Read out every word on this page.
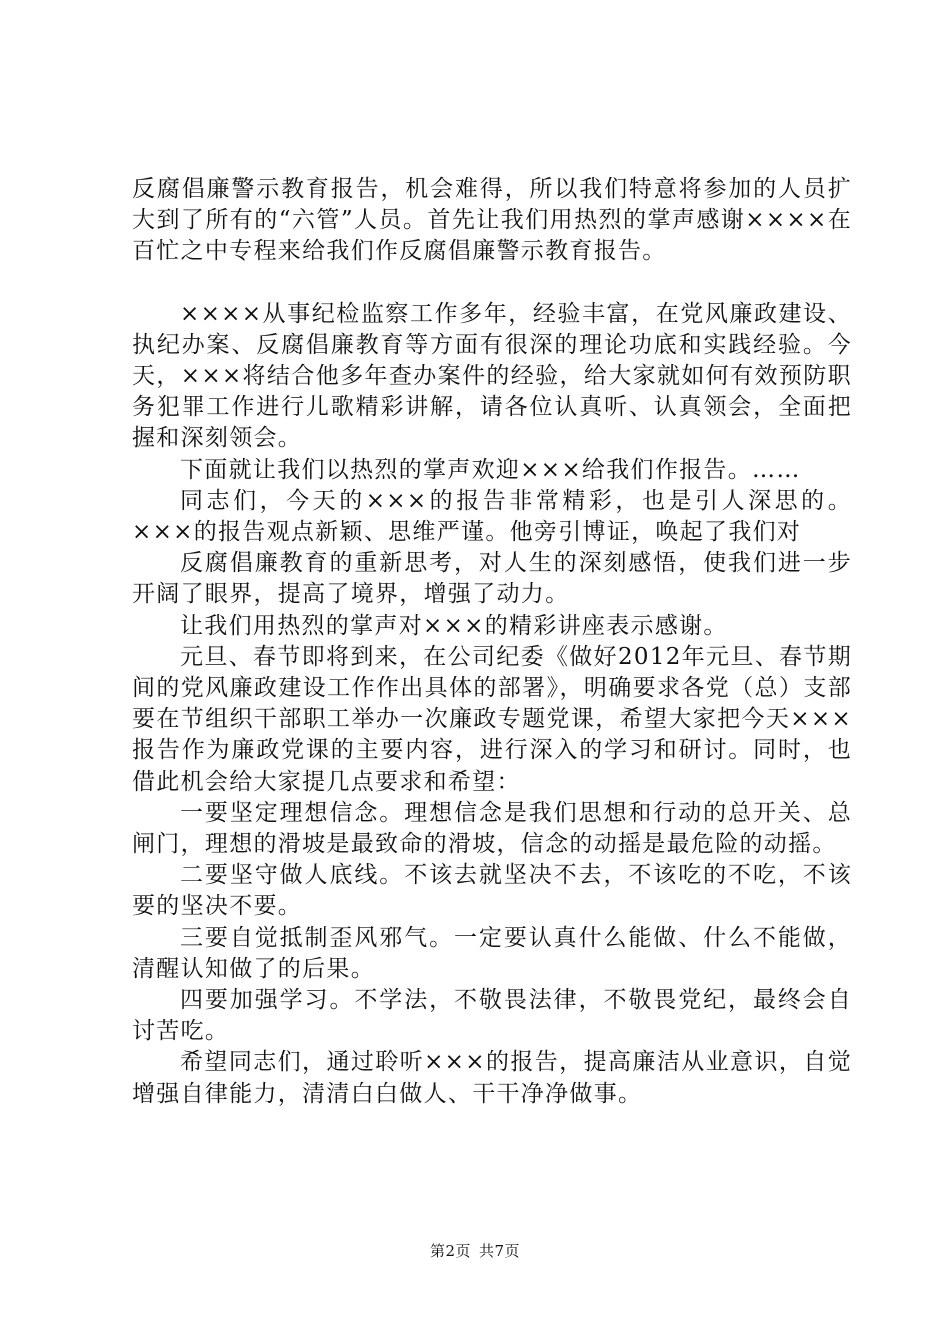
反腐倡廉警示教育报告，机会难得，所以我们特意将参加的人员扩大到了所有的“六管”人员。首先让我们用热烈的掌声感谢××××在百忙之中专程来给我们作反腐倡廉警示教育报告。

××××从事纪检监察工作多年，经验丰富，在党风廉政建设、执纪办案、反腐倡廉教育等方面有很深的理论功底和实践经验。今天，×××将结合他多年查办案件的经验，给大家就如何有效预防职务犯罪工作进行儿歌精彩讲解，请各位认真听、认真领会，全面把握和深刻领会。

下面就让我们以热烈的掌声欢迎×××给我们作报告。……

同志们，今天的×××的报告非常精彩，也是引人深思的。×××的报告观点新颖、思维严谨。他旁引博证，唤起了我们对

反腐倡廉教育的重新思考，对人生的深刻感悟，使我们进一步开阔了眼界，提高了境界，增强了动力。

让我们用热烈的掌声对×××的精彩讲座表示感谢。

元旦、春节即将到来，在公司纪委《做好2012年元旦、春节期间的党风廉政建设工作作出具体的部署》，明确要求各党（总）支部要在节组织干部职工举办一次廉政专题党课，希望大家把今天×××报告作为廉政党课的主要内容，进行深入的学习和研讨。同时，也借此机会给大家提几点要求和希望：

一要坚定理想信念。理想信念是我们思想和行动的总开关、总闸门，理想的滑坡是最致命的滑坡，信念的动摇是最危险的动摇。

二要坚守做人底线。不该去就坚决不去，不该吃的不吃，不该要的坚决不要。

三要自觉抵制歪风邪气。一定要认真什么能做、什么不能做，清醒认知做了的后果。

四要加强学习。不学法，不敬畏法律，不敬畏党纪，最终会自讨苦吃。

希望同志们，通过聆听×××的报告，提高廉洁从业意识，自觉增强自律能力，清清白白做人、干干净净做事。

第2页 共7页
